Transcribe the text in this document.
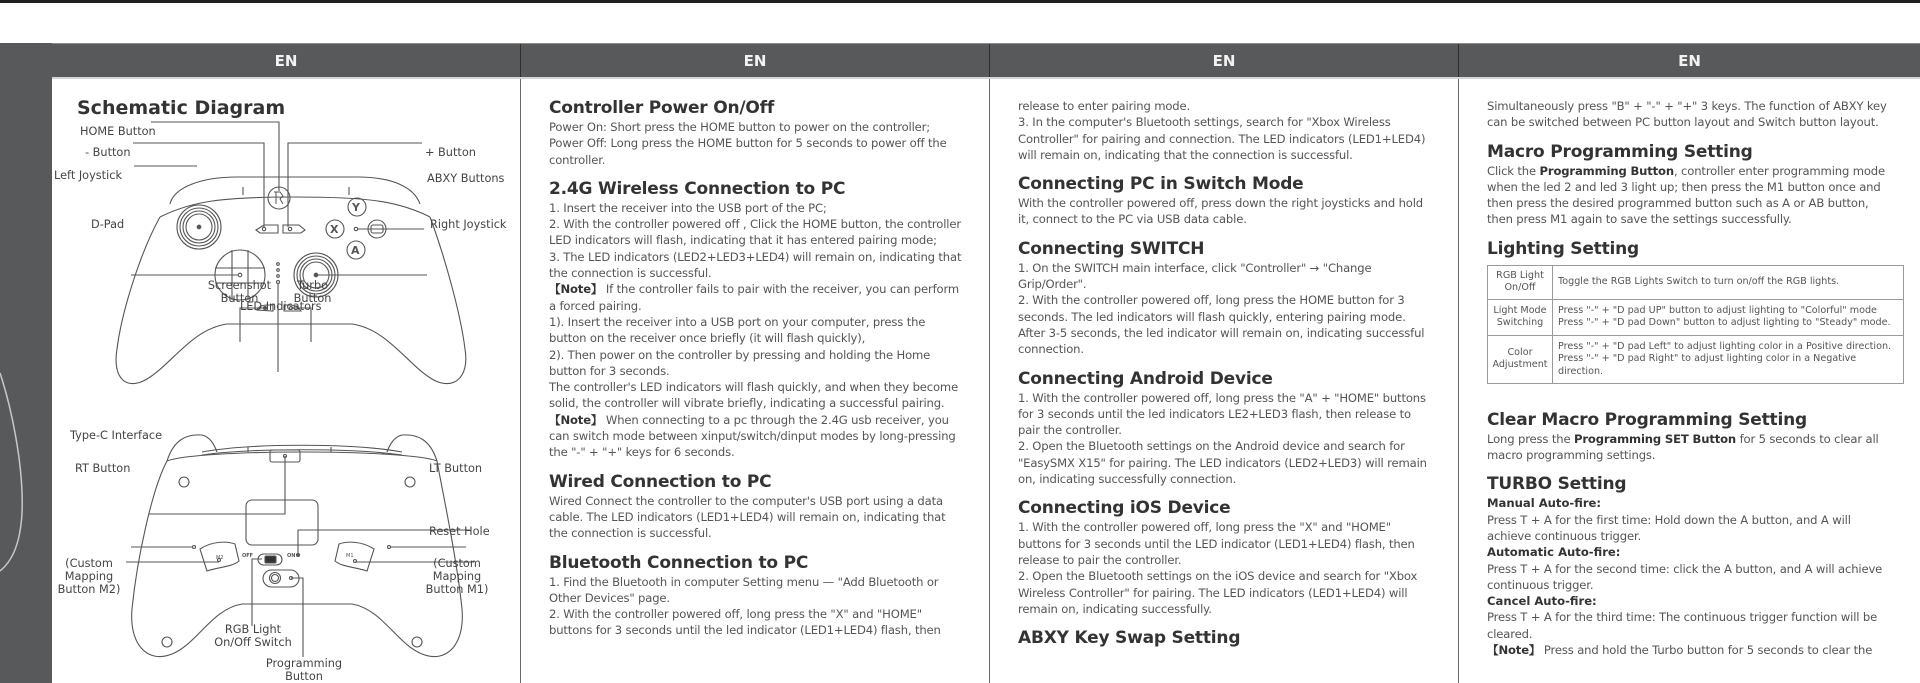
EN	EN	EN	EN
Schematic Diagram
Y
X
A
M2	M1
OFF	ON
HOME Button
- Button	+ Button
Left Joystick	ABXY Buttons
D-Pad	Right Joystick
Screenshot
Button
Turbo
Button
LED Indicators
Type-C Interface
RT Button	LT Button
Reset Hole
(Custom
Mapping
Button M2)
(Custom
Mapping
Button M1)
RGB Light
On/Off Switch
Programming
Button
Controller Power On/Off

Power On: Short press the HOME button to power on the controller; Power Off: Long press the HOME button for 5 seconds to power off the controller.

2.4G Wireless Connection to PC

1. Insert the receiver into the USB port of the PC;

2. With the controller powered off , Click the HOME button, the controller LED indicators will flash, indicating that it has entered pairing mode;

3. The LED indicators (LED2+LED3+LED4) will remain on, indicating that the connection is successful.

【Note】 If the controller fails to pair with the receiver, you can perform a forced pairing.

1). Insert the receiver into a USB port on your computer, press the button on the receiver once briefly (it will flash quickly),

2). Then power on the controller by pressing and holding the Home button for 3 seconds.

The controller's LED indicators will flash quickly, and when they become solid, the controller will vibrate briefly, indicating a successful pairing.

【Note】 When connecting to a pc through the 2.4G usb receiver, you can switch mode between xinput/switch/dinput modes by long-pressing the "-" + "+" keys for 6 seconds.

Wired Connection to PC

Wired Connect the controller to the computer's USB port using a data cable. The LED indicators (LED1+LED4) will remain on, indicating that the connection is successful.

Bluetooth Connection to PC

1. Find the Bluetooth in computer Setting menu — "Add Bluetooth or Other Devices" page.

2. With the controller powered off, long press the "X" and "HOME" buttons for 3 seconds until the led indicator (LED1+LED4) flash, then

release to enter pairing mode.

3. In the computer's Bluetooth settings, search for "Xbox Wireless Controller" for pairing and connection. The LED indicators (LED1+LED4) will remain on, indicating that the connection is successful.

Connecting PC in Switch Mode

With the controller powered off, press down the right joysticks and hold it, connect to the PC via USB data cable.

Connecting SWITCH

1. On the SWITCH main interface, click "Controller" → "Change Grip/Order".

2. With the controller powered off, long press the HOME button for 3 seconds. The led indicators will flash quickly, entering pairing mode. After 3-5 seconds, the led indicator will remain on, indicating successful connection.

Connecting Android Device

1. With the controller powered off, long press the "A" + "HOME" buttons for 3 seconds until the led indicators LE2+LED3 flash, then release to pair the controller.

2. Open the Bluetooth settings on the Android device and search for "EasySMX X15" for pairing. The LED indicators (LED2+LED3) will remain on, indicating successfully connection.

Connecting iOS Device

1. With the controller powered off, long press the "X" and "HOME" buttons for 3 seconds until the LED indicator (LED1+LED4) flash, then release to pair the controller.

2. Open the Bluetooth settings on the iOS device and search for "Xbox Wireless Controller" for pairing. The LED indicators (LED1+LED4) will remain on, indicating successfully.

ABXY Key Swap Setting

Simultaneously press "B" + "-" + "+" 3 keys. The function of ABXY key can be switched between PC button layout and Switch button layout.

Macro Programming Setting

Click the Programming Button, controller enter programming mode when the led 2 and led 3 light up; then press the M1 button once and then press the desired programmed button such as A or AB button, then press M1 again to save the settings successfully.

Lighting Setting
RGB Light On/Off	Toggle the RGB Lights Switch to turn on/off the RGB lights.

Light Mode Switching	Press "-" + "D pad UP" button to adjust lighting to "Colorful" mode
Press "-" + "D pad Down" button to adjust lighting to "Steady" mode.

Color Adjustment	Press "-" + "D pad Left" to adjust lighting color in a Positive direction.
Press "-" + "D pad Right" to adjust lighting color in a Negative direction.
Clear Macro Programming Setting

Long press the Programming SET Button for 5 seconds to clear all macro programming settings.

TURBO Setting
Manual Auto-fire:

Press T + A for the first time: Hold down the A button, and A will achieve continuous trigger.

Automatic Auto-fire:

Press T + A for the second time: click the A button, and A will achieve continuous trigger.

Cancel Auto-fire:

Press T + A for the third time: The continuous trigger function will be cleared.

【Note】 Press and hold the Turbo button for 5 seconds to clear the
